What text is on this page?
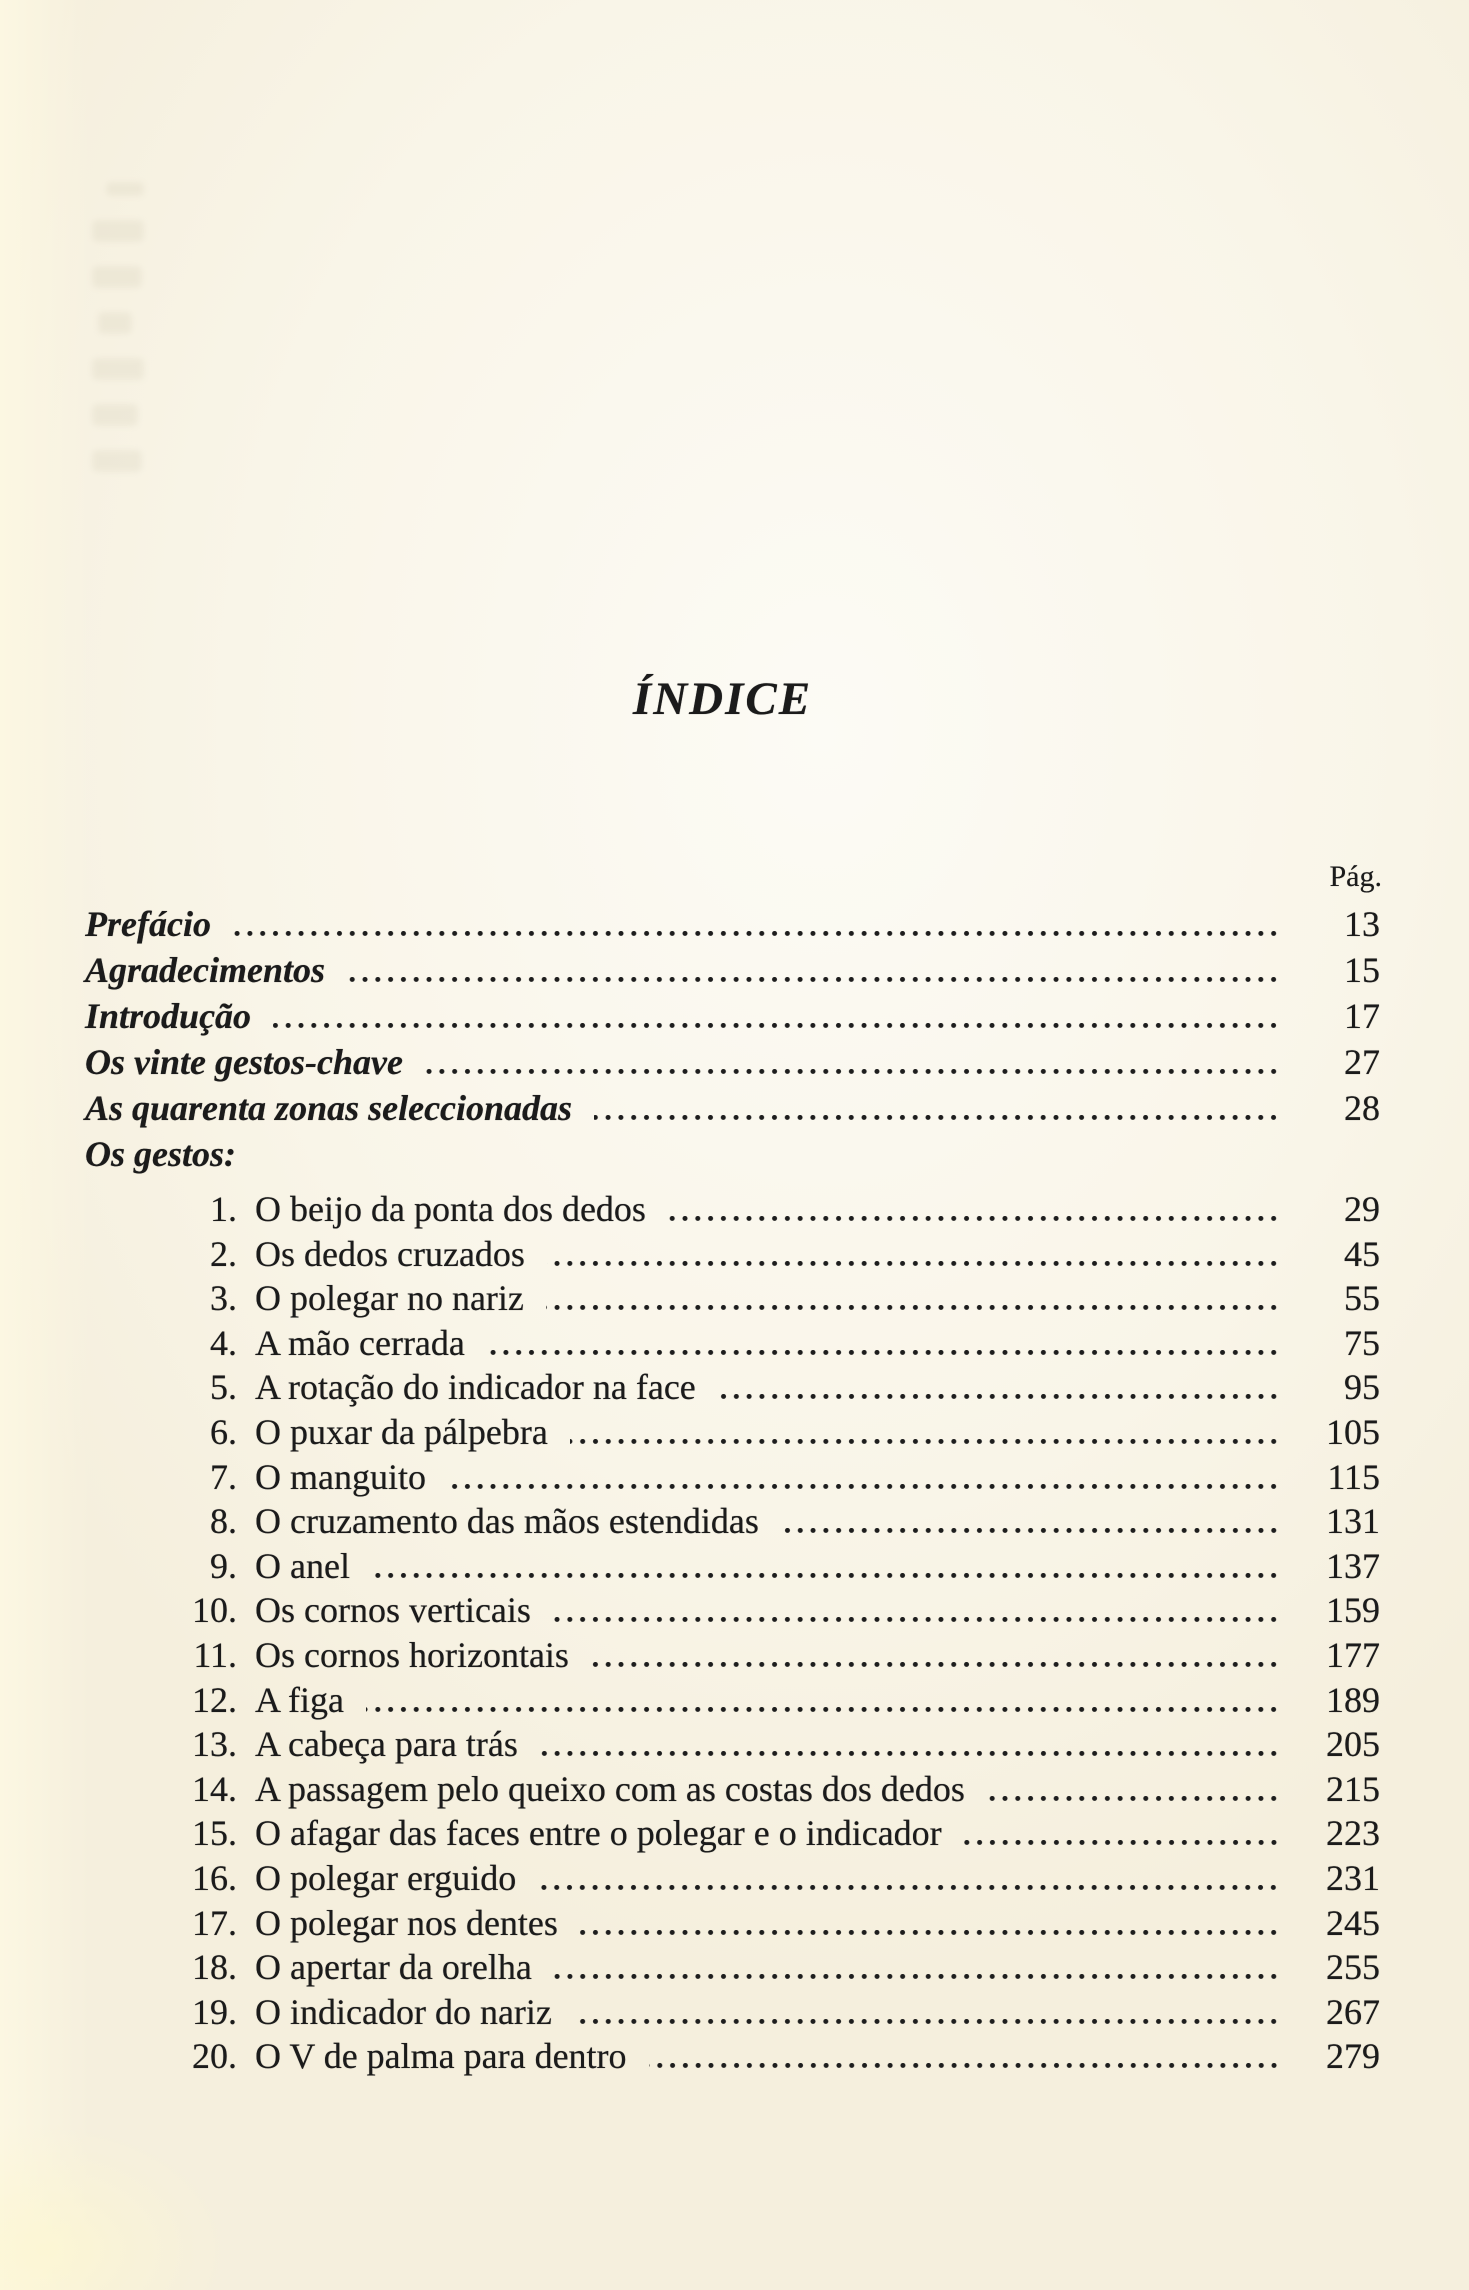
ÍNDICE
Pág.
Prefácio	13
Agradecimentos	15
Introdução	17
Os vinte gestos-chave	27
As quarenta zonas seleccionadas	28
Os gestos:
1. O beijo da ponta dos dedos	29
2. Os dedos cruzados	45
3. O polegar no nariz	55
4. A mão cerrada	75
5. A rotação do indicador na face	95
6. O puxar da pálpebra	105
7. O manguito	115
8. O cruzamento das mãos estendidas	131
9. O anel	137
10. Os cornos verticais	159
11. Os cornos horizontais	177
12. A figa	189
13. A cabeça para trás	205
14. A passagem pelo queixo com as costas dos dedos	215
15. O afagar das faces entre o polegar e o indicador	223
16. O polegar erguido	231
17. O polegar nos dentes	245
18. O apertar da orelha	255
19. O indicador do nariz	267
20. O V de palma para dentro	279
